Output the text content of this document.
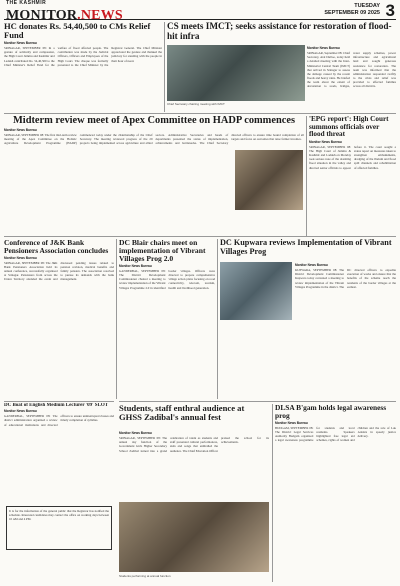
THE KASHMIR
MONITOR.NEWS
TUESDAY
SEPTEMBER 09 2025 3
HC donates Rs. 54,40,500 to CMs Relief Fund
Monitor News Bureau

SRINAGAR, SEPTEMBER 08: In a gesture of solidarity and compassion, the High Court Jammu and Kashmir and Ladakh contributed Rs. 54,40,500 to the Chief Minister's Relief Fund for the welfare of flood affected people. The contribution was made by the Judicial Officers, Officers and Employees of the High Court. The cheque was formally presented to the Chief Minister by the Registrar General. The Chief Minister appreciated the gesture and thanked the judiciary for standing with the people in their hour of need.

CS meets IMCT; seeks assistance for restoration of flood-hit infra
Chief Secretary chairing meeting with IMCT
Monitor News Bureau

SRINAGAR, September 08: Chief Secretary, Atal Dulloo, today held a detailed meeting with the Inter-Ministerial Central Team (IMCT) that arrived in Srinagar to assess the damage caused by the recent floods and heavy rains. He briefed the team about the extent of devastation to roads, bridges, water supply schemes, power infrastructure and agricultural land and sought generous assistance for restoration. The team was informed that the administration responded swiftly to the crisis and relief was provided to affected families across all districts.

Midterm review meet of Apex Committee on HADP commences
Monitor News Bureau

SRINAGAR, SEPTEMBER 08: The first mid-term review meeting of the Apex Committee on the Holistic Agriculture Development Programme (HADP) commenced today under the chairmanship of the Chief Secretary. The meeting reviewed progress of the 29 projects being implemented across agriculture and allied sectors. Administrative Secretaries and heads of departments presented the status of implementation, achievements and bottlenecks. The Chief Secretary directed officers to ensure time bound completion of all targets and focus on outcomes that raise farmer incomes.

'EPG report': High Court summons officials over flood threat
Monitor News Bureau

SRINAGAR, SEPTEMBER 08: The High Court of Jammu & Kashmir and Ladakh on Monday took serious note of the alarming flood situation in the valley and directed senior officials to appear before it. The court sought a status report on measures taken to strengthen embankments, dredging of the Jhelum and flood spill channels and rehabilitation of affected families.

Conference of J&K Bank Pensioners Association concludes
Monitor News Bureau

SRINAGAR, SEPTEMBER 08: The J&K Bank Pensioners Association held its annual conference, successfully organised at Srinagar. Pensioners from across the Union Territory attended the event and discussed pending issues related to pension revision, medical benefits and family pension. The association resolved to pursue its demands with the bank management.

DC Blair chairs meet on implementation of Vibrant Villages Prog 2.0
Monitor News Bureau

GANDERBAL, SEPTEMBER 08: The District Development Commissioner chaired a meeting to review implementation of the Vibrant Villages Programme 2.0 in identified border villages. Officers were directed to prepare comprehensive village action plans focusing on road connectivity, telecom, tourism, health and livelihood generation.

DC Kupwara reviews Implementation of Vibrant Villages Prog
Monitor News Bureau

KUPWARA, SEPTEMBER 08: The District Development Commissioner Kupwara today convened a meeting to review implementation of the Vibrant Villages Programme in the district. The DC directed officers to expedite execution of works and ensure that the benefits of the scheme reach the residents of the border villages at the earliest.

DC Boat of English Medium Lecturer '09' SLOT
Monitor News Bureau

GANDERBAL, SEPTEMBER 08: The district administration organized a review of educational institutions and directed officers to ensure uninterrupted classes and timely completion of syllabus.

It is for the information of the general public that the Registrar has notified the schedule. Interested candidates may contact the office on working days between 10 AM and 4 PM.

Students, staff enthral audience at GHSS Zadibal's annual fest
Monitor News Bureau

SRINAGAR, SEPTEMBER 08: The annual day function of the Government Girls Higher Secondary School Zadibal turned into a grand celebration of talent as students and staff presented cultural performances, skits and songs that enthralled the audience. The Chief Education Officer praised the school for its achievements.

Students performing at annual function
DLSA B'gam holds legal awareness prog
Monitor News Bureau

BUDGAM, SEPTEMBER 08: The District Legal Services Authority Budgam organized a legal awareness programme for students and local residents. Speakers highlighted free legal aid schemes, rights of women and children and the role of Lok Adalats in speedy justice delivery.
